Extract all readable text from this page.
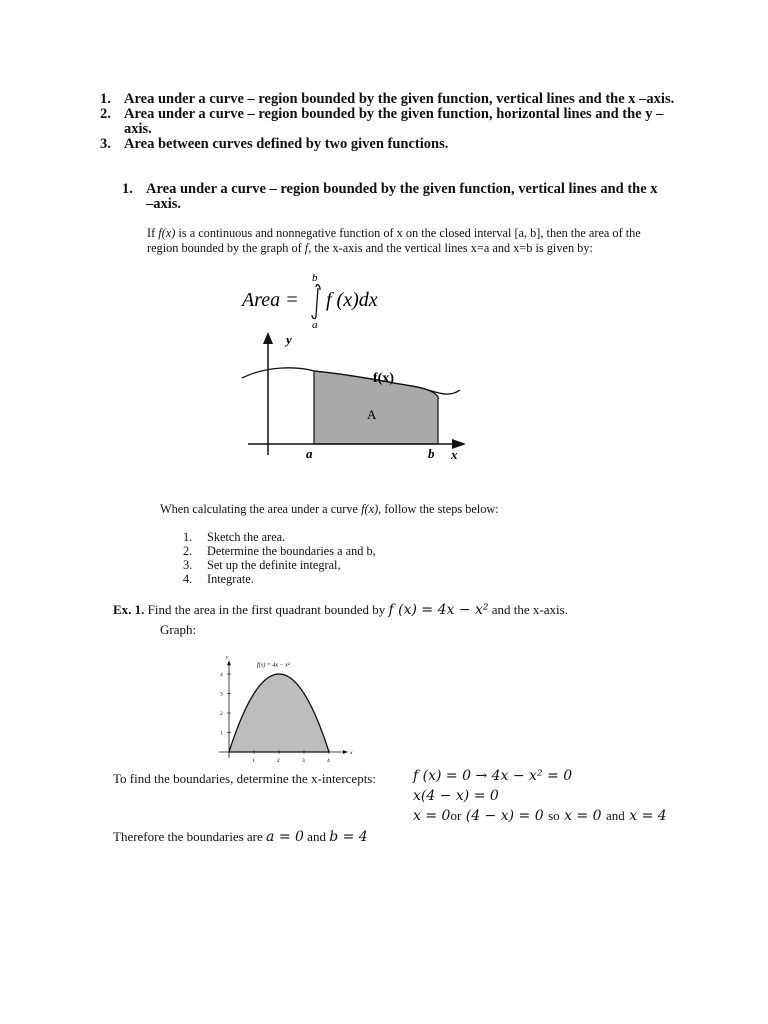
1. Area under a curve – region bounded by the given function, vertical lines and the x –axis.
2. Area under a curve – region bounded by the given function, horizontal lines and the y –axis.
3. Area between curves defined by two given functions.
1. Area under a curve – region bounded by the given function, vertical lines and the x –axis.
If f(x) is a continuous and nonnegative function of x on the closed interval [a, b], then the area of the region bounded by the graph of f, the x-axis and the vertical lines x=a and x=b is given by:
Area =
b
a
f (x)dx
y
f(x)
A
a	b x
When calculating the area under a curve f(x), follow the steps below:
1. Sketch the area.
2. Determine the boundaries a and b,
3. Set up the definite integral,
4. Integrate.
Ex. 1. Find the area in the first quadrant bounded by f (x) = 4x − x² and the x-axis.
Graph:
1	2	3	4
1
2
3
4
y
x
f(x) = 4x − x²
To find the boundaries, determine the x-intercepts:	f (x) = 0 → 4x − x² = 0
x(4 − x) = 0
x = 0or (4 − x) = 0 so x = 0 and x = 4
Therefore the boundaries are a = 0 and b = 4
